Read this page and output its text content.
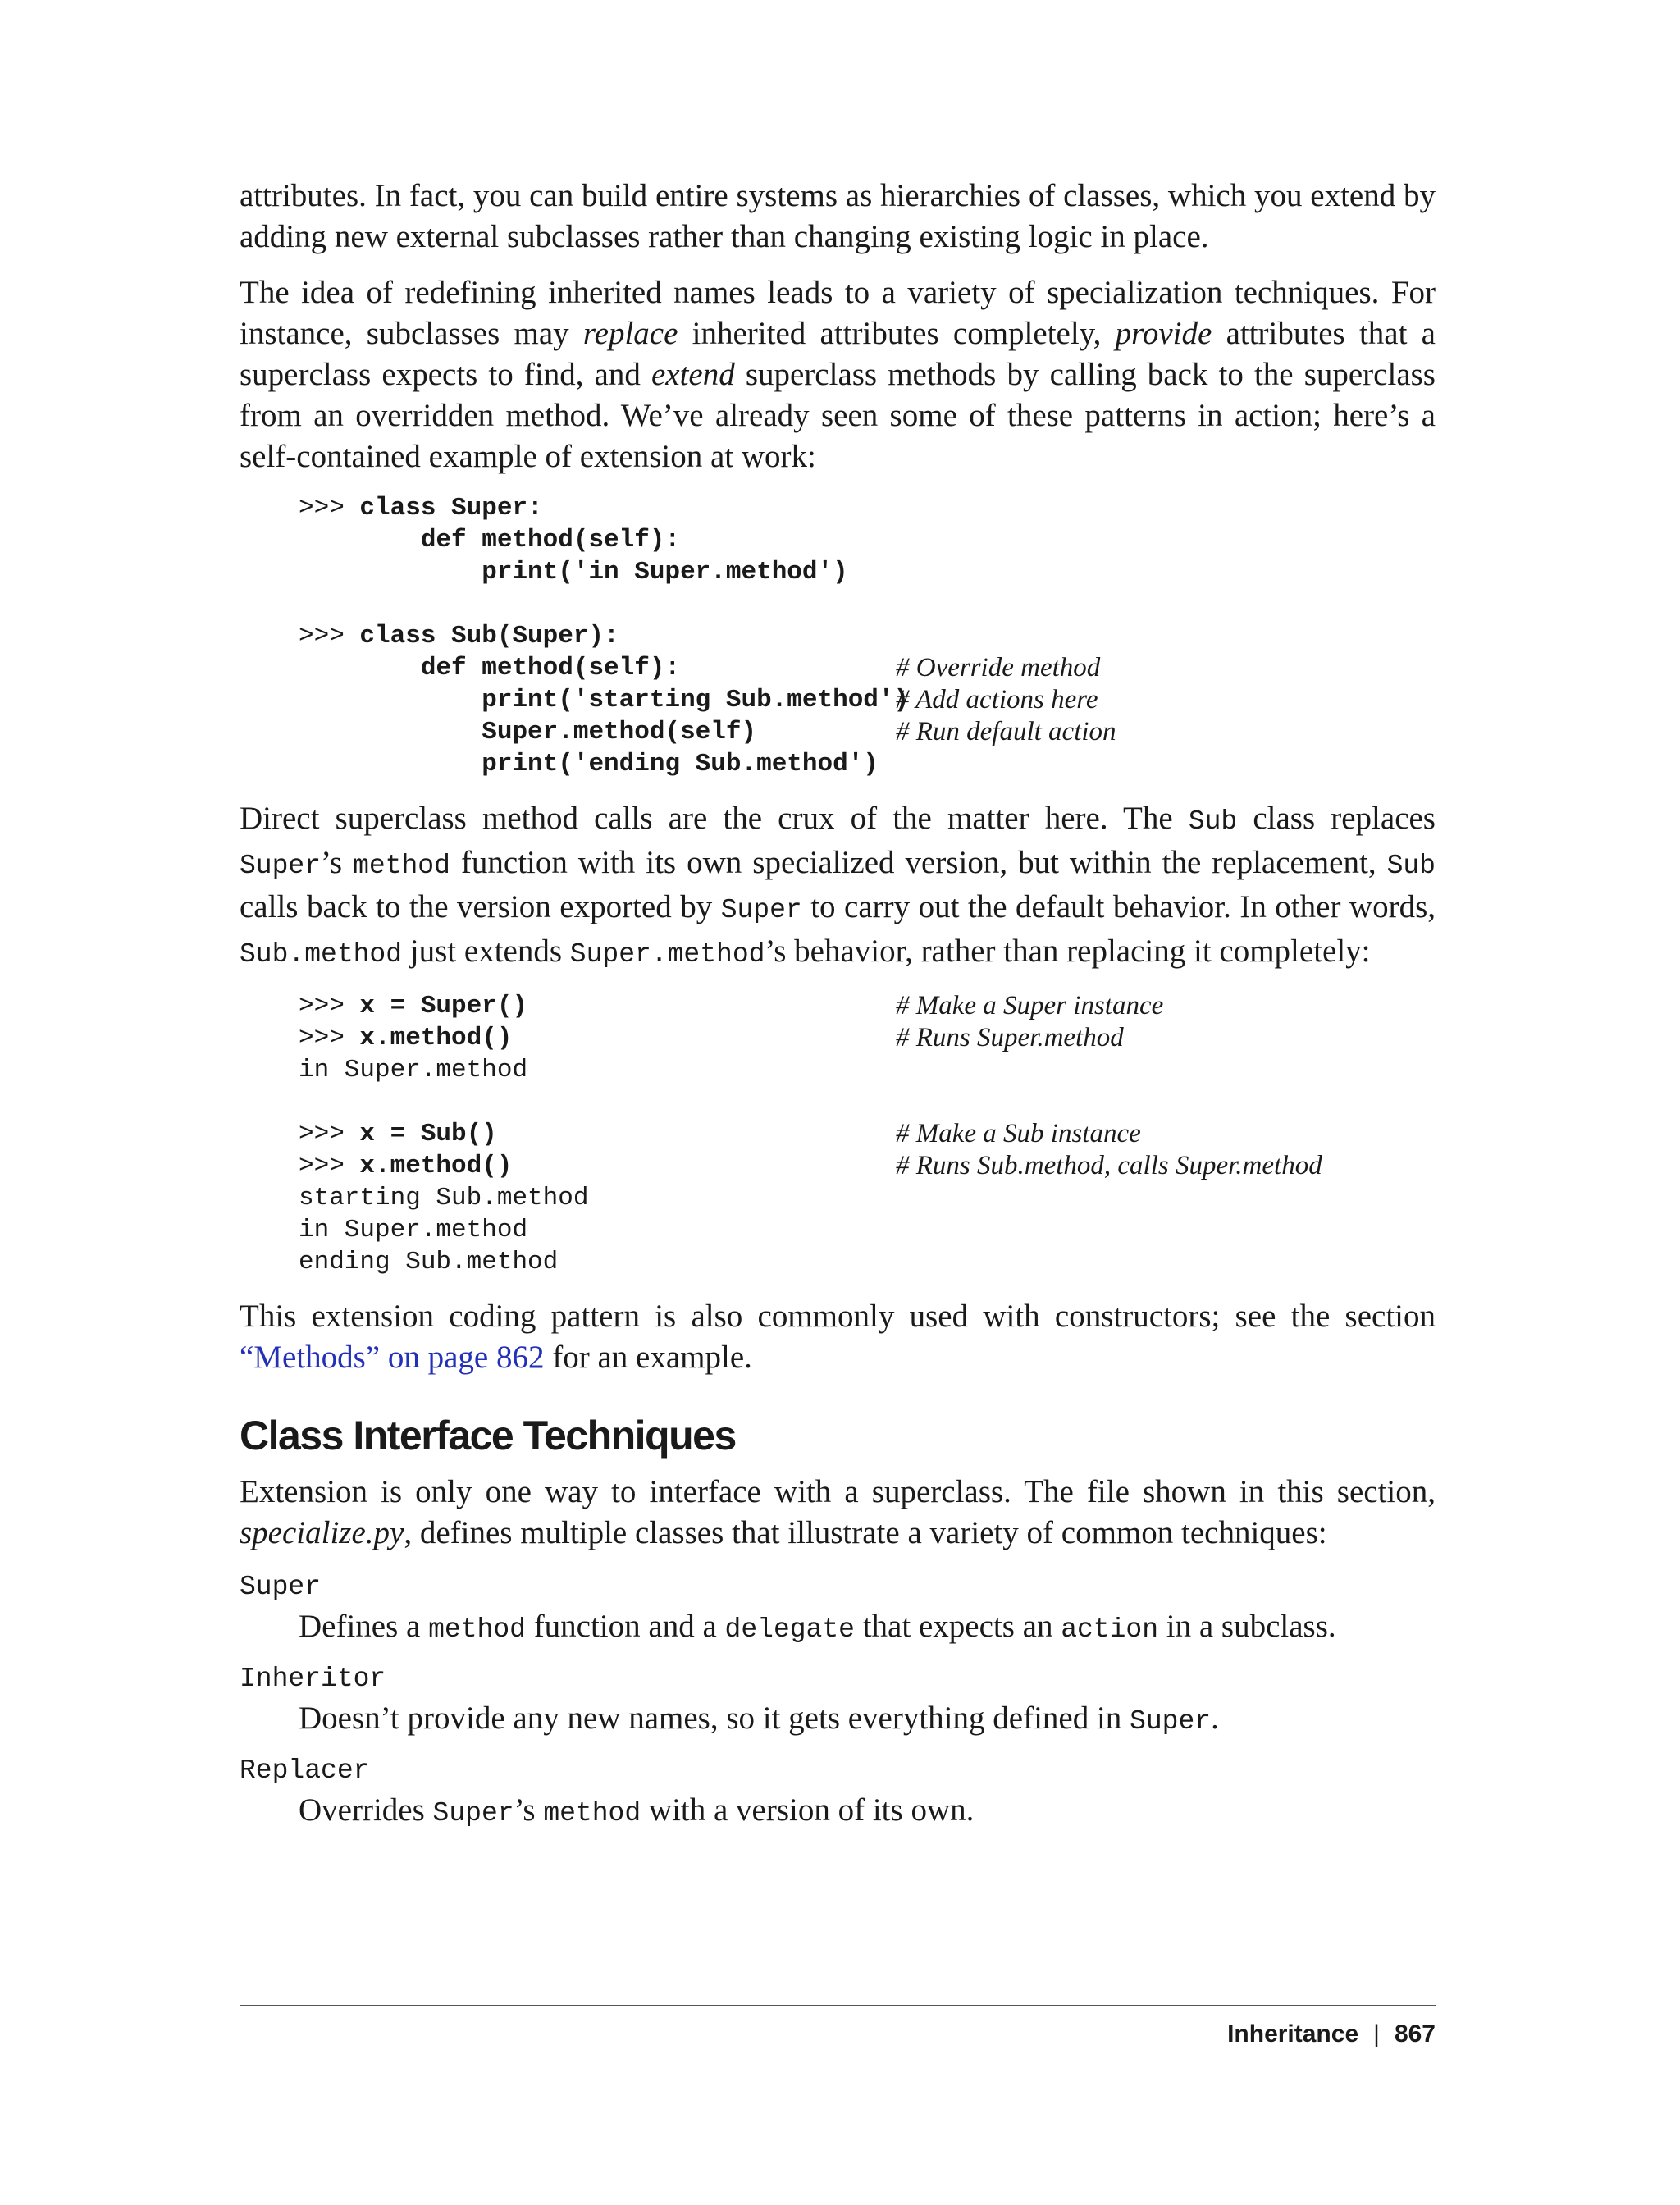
attributes. In fact, you can build entire systems as hierarchies of classes, which you extend by adding new external subclasses rather than changing existing logic in place.

The idea of redefining inherited names leads to a variety of specialization techniques. For instance, subclasses may replace inherited attributes completely, provide attributes that a superclass expects to find, and extend superclass methods by calling back to the superclass from an overridden method. We’ve already seen some of these patterns in action; here’s a self-contained example of extension at work:

>>> class Super:
def method(self):
print('in Super.method')
>>> class Sub(Super):
def method(self):	# Override method
print('starting Sub.method')
# Add actions here
Super.method(self)	# Run default action
print('ending Sub.method')

Direct superclass method calls are the crux of the matter here. The Sub class replaces Super’s method function with its own specialized version, but within the replacement, Sub calls back to the version exported by Super to carry out the default behavior. In other words, Sub.method just extends Super.method’s behavior, rather than replacing it completely:

>>> x = Super()	# Make a Super instance
>>> x.method()	# Runs Super.method
in Super.method
>>> x = Sub()	# Make a Sub instance
>>> x.method()	# Runs Sub.method, calls Super.method
starting Sub.method
in Super.method
ending Sub.method

This extension coding pattern is also commonly used with constructors; see the section “Methods” on page 862 for an example.

Class Interface Techniques

Extension is only one way to interface with a superclass. The file shown in this section, specialize.py, defines multiple classes that illustrate a variety of common techniques:

Super
Defines a method function and a delegate that expects an action in a subclass.
Inheritor
Doesn’t provide any new names, so it gets everything defined in Super.
Replacer
Overrides Super’s method with a version of its own.
Inheritance | 867
